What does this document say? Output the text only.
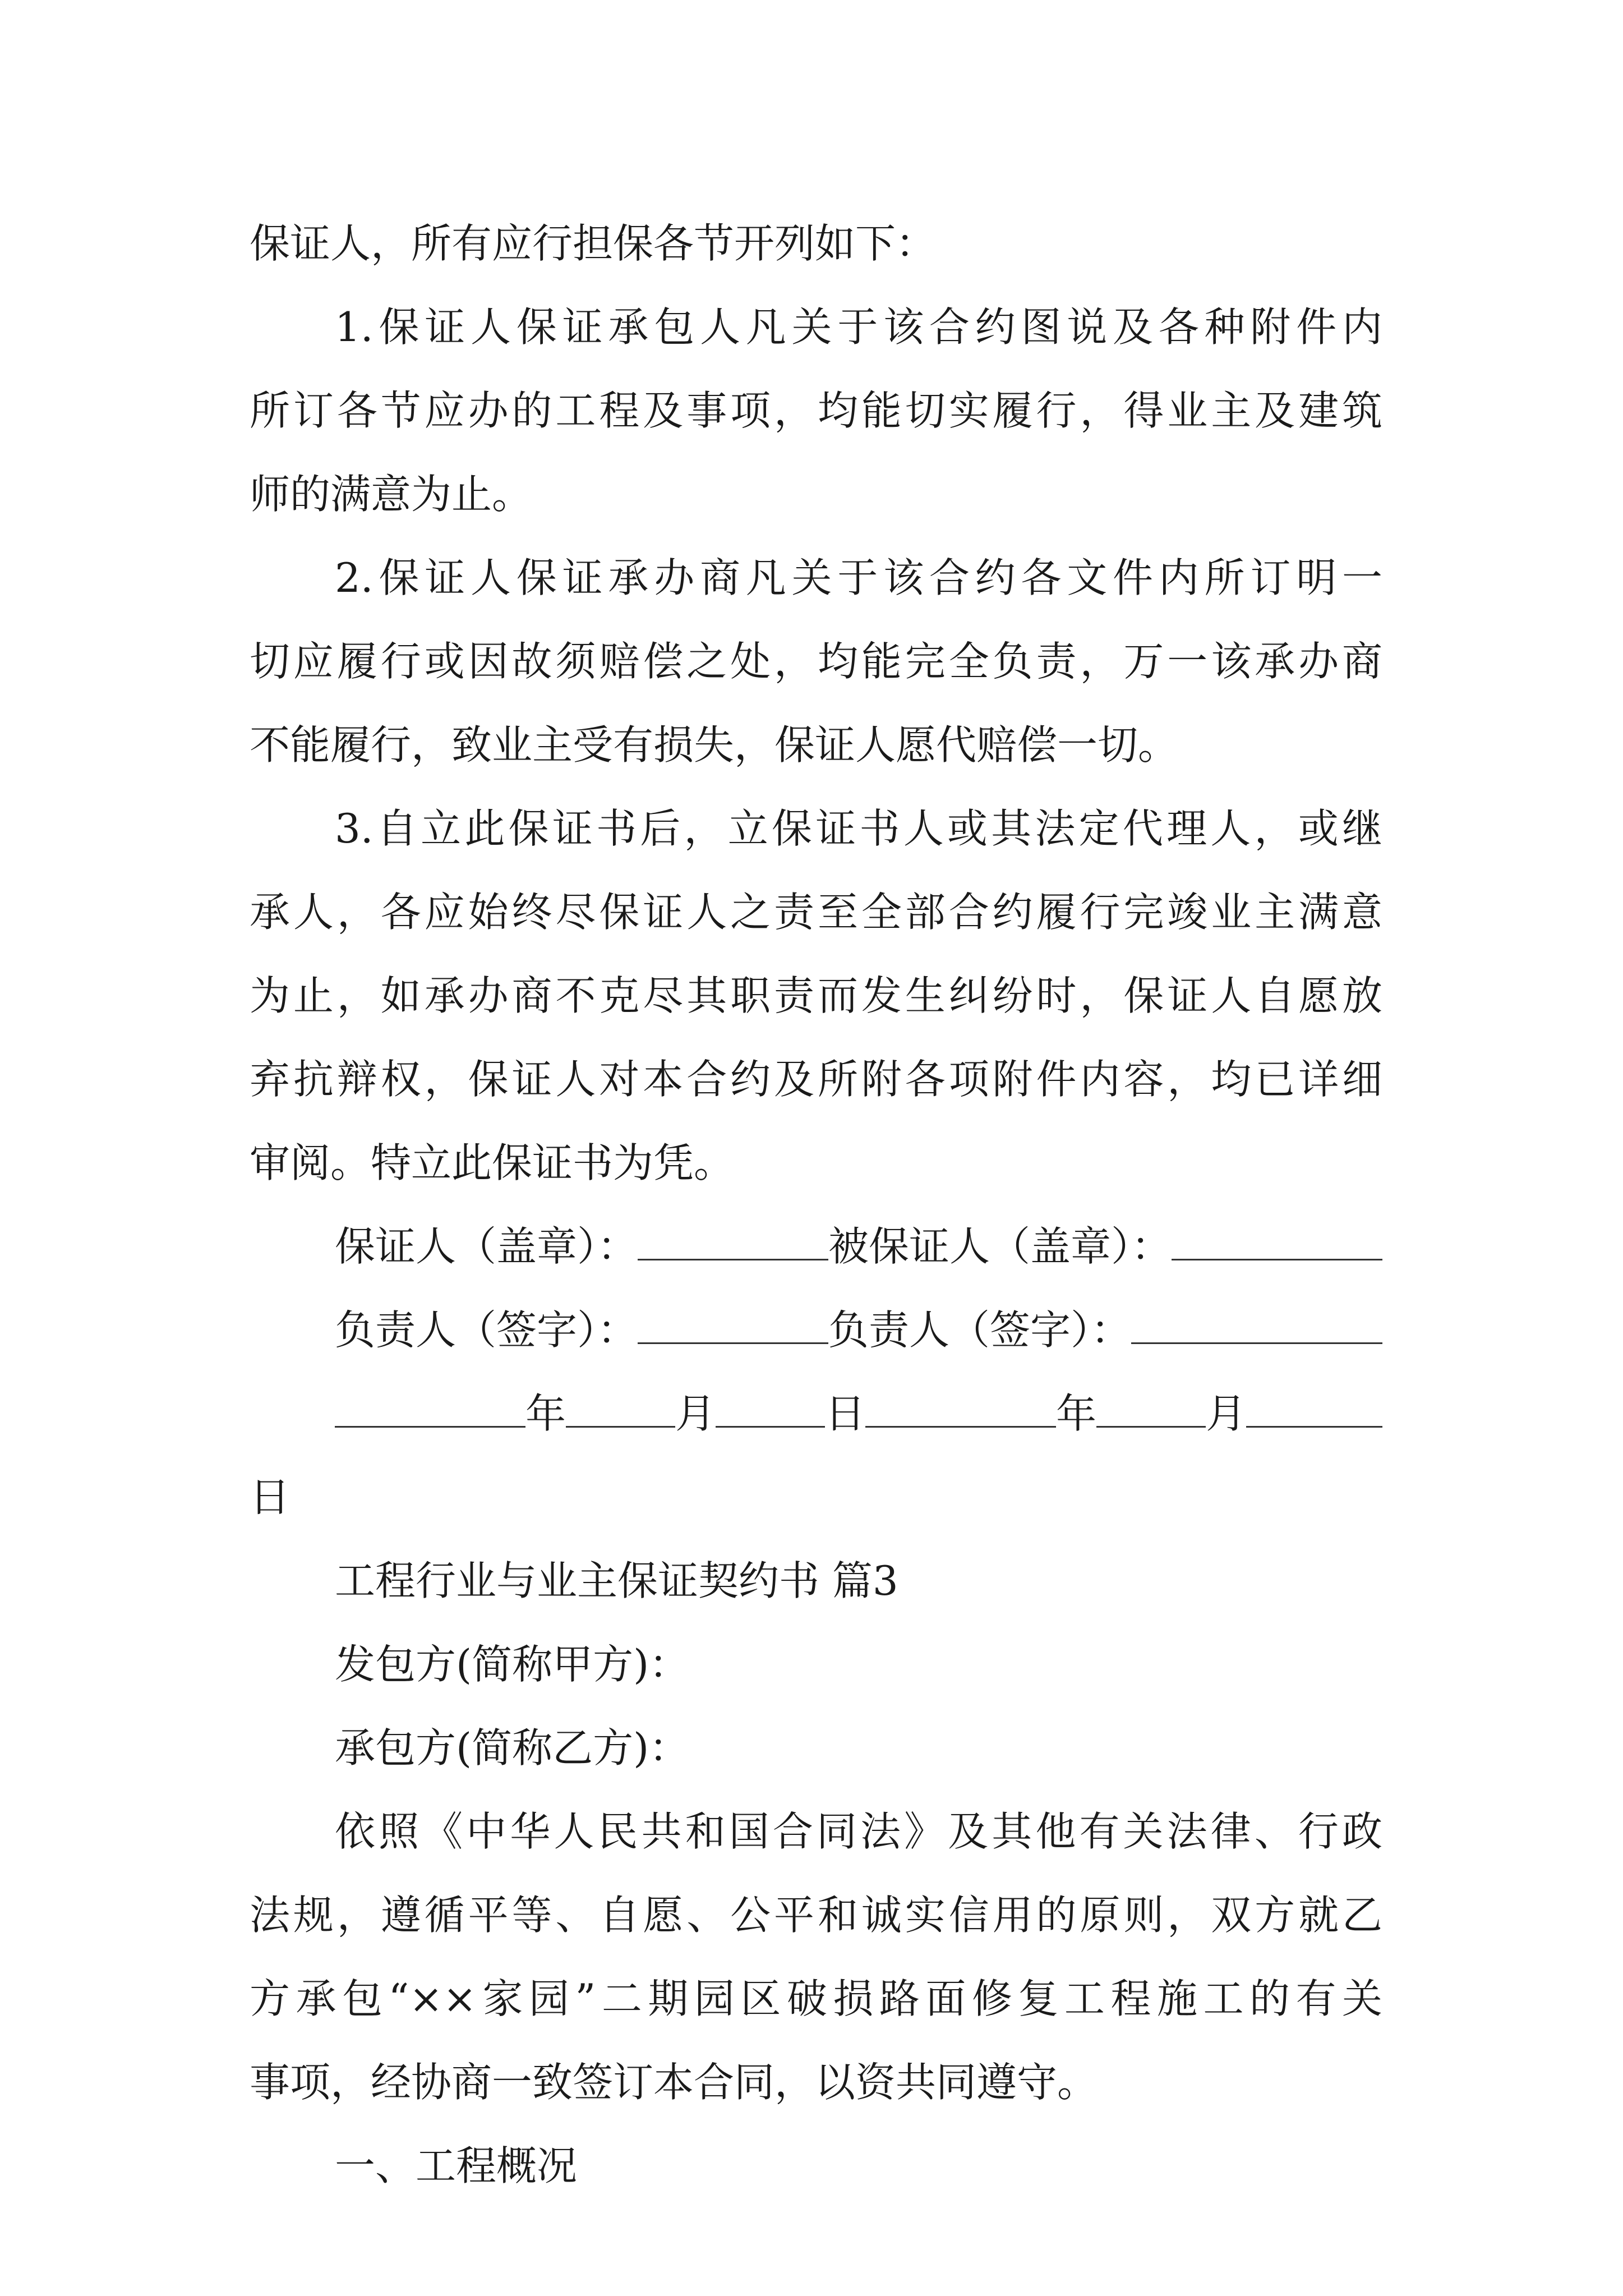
保证人，所有应行担保各节开列如下：
1.保证人保证承包人凡关于该合约图说及各种附件内
所订各节应办的工程及事项，均能切实履行，得业主及建筑
师的满意为止。
2.保证人保证承办商凡关于该合约各文件内所订明一
切应履行或因故须赔偿之处，均能完全负责，万一该承办商
不能履行，致业主受有损失，保证人愿代赔偿一切。
3.自立此保证书后，立保证书人或其法定代理人，或继
承人，各应始终尽保证人之责至全部合约履行完竣业主满意
为止，如承办商不克尽其职责而发生纠纷时，保证人自愿放
弃抗辩权，保证人对本合约及所附各项附件内容，均已详细
审阅。特立此保证书为凭。
保证人（盖章）：	被保证人（盖章）：
负责人（签字）：	负责人（签字）：
年	月	日	年	月
日
工程行业与业主保证契约书 篇3
发包方(简称甲方)：
承包方(简称乙方)：
依照《中华人民共和国合同法》及其他有关法律、行政
法规，遵循平等、自愿、公平和诚实信用的原则，双方就乙
方承包“××家园”二期园区破损路面修复工程施工的有关
事项，经协商一致签订本合同，以资共同遵守。
一、工程概况
